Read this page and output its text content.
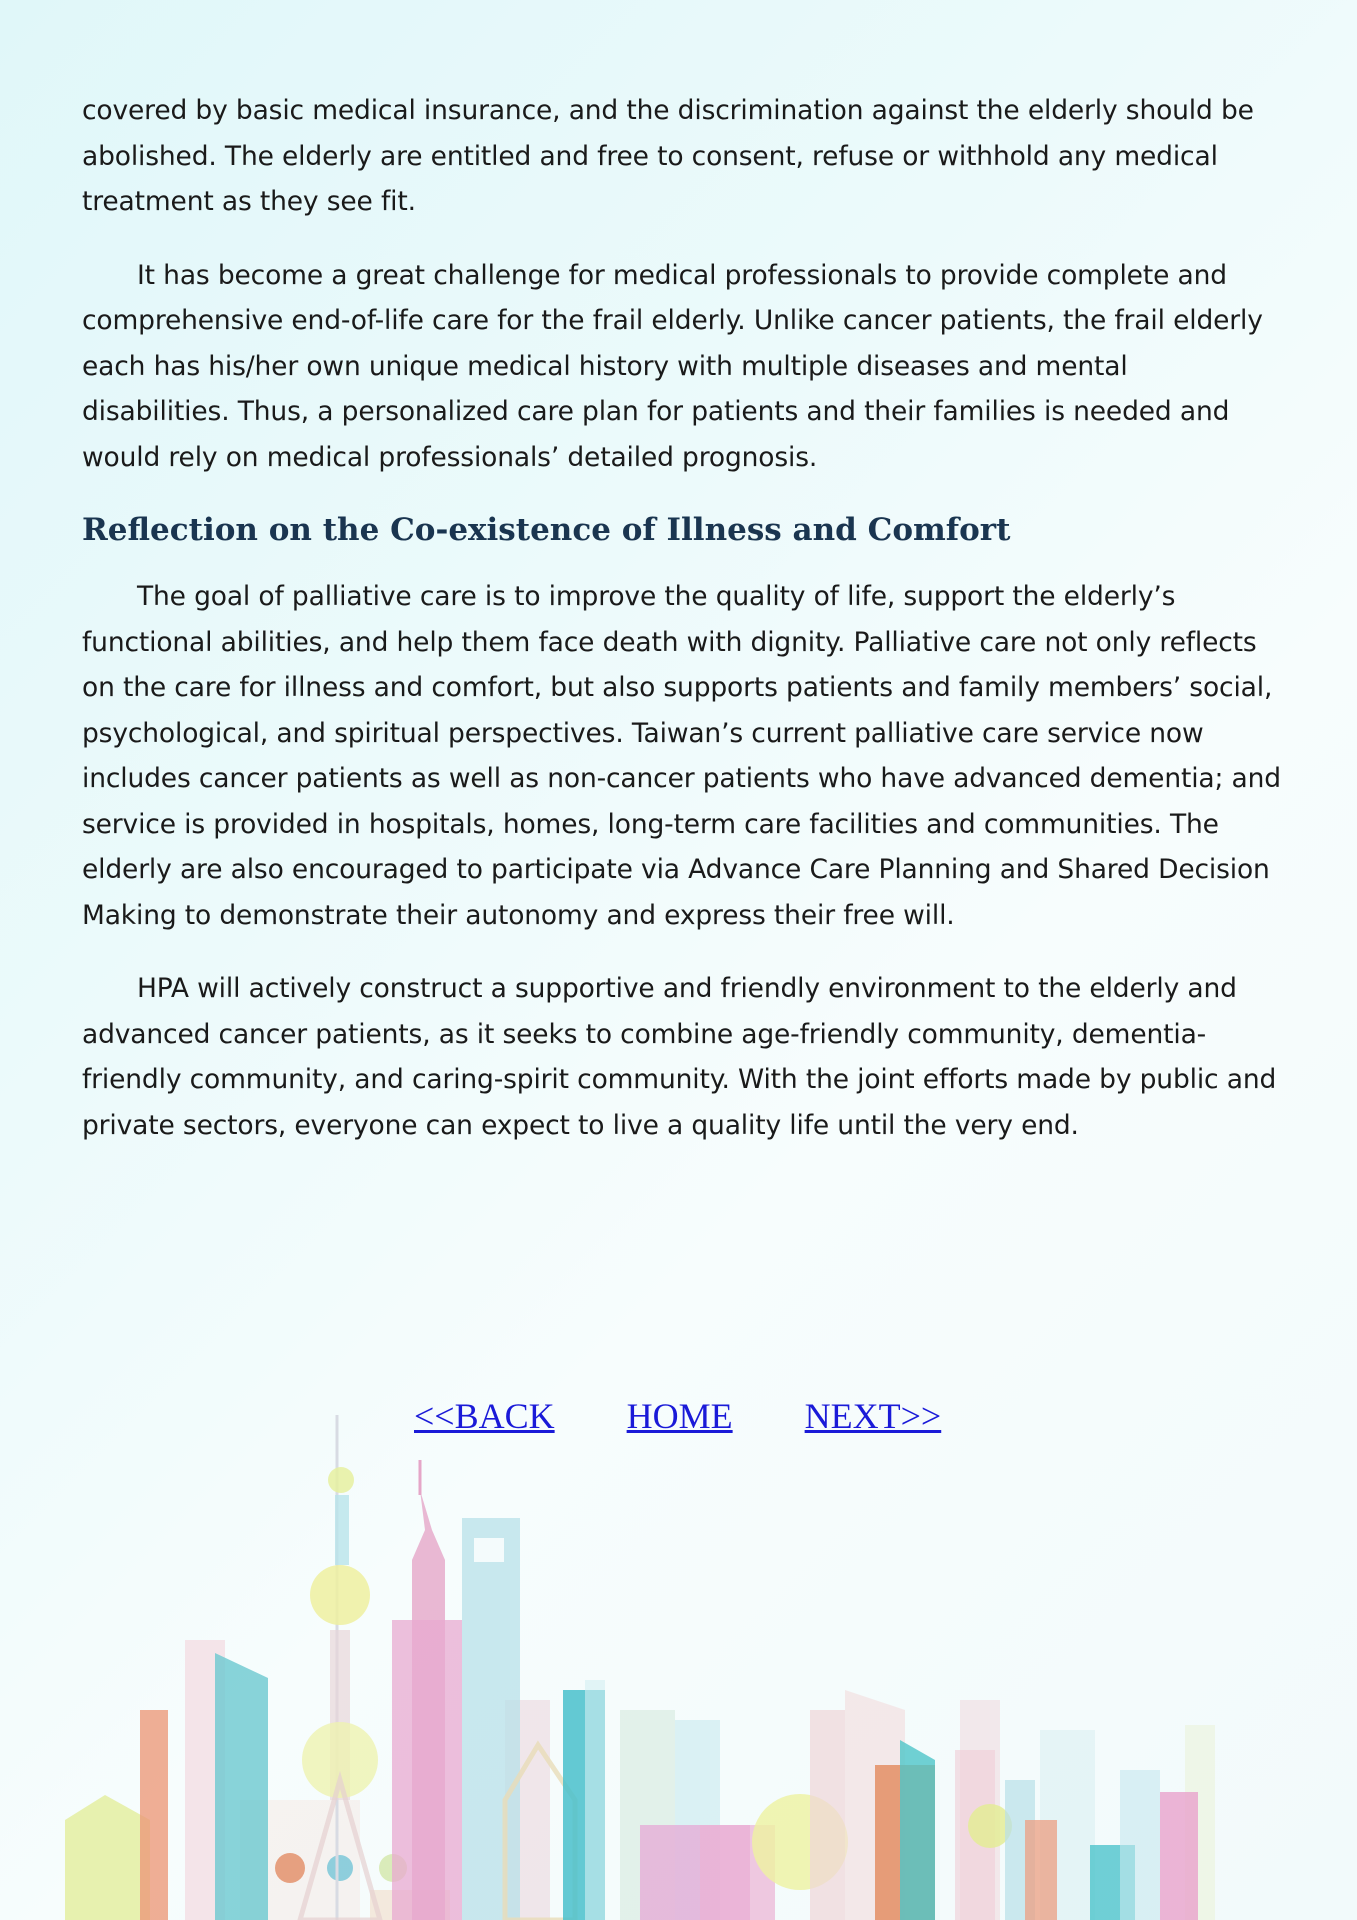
covered by basic medical insurance, and the discrimination against the elderly should be abolished. The elderly are entitled and free to consent, refuse or withhold any medical treatment as they see fit.

It has become a great challenge for medical professionals to provide complete and comprehensive end-of-life care for the frail elderly. Unlike cancer patients, the frail elderly each has his/her own unique medical history with multiple diseases and mental disabilities. Thus, a personalized care plan for patients and their families is needed and would rely on medical professionals’ detailed prognosis.

Reflection on the Co-existence of Illness and Comfort

The goal of palliative care is to improve the quality of life, support the elderly’s functional abilities, and help them face death with dignity. Palliative care not only reflects on the care for illness and comfort, but also supports patients and family members’ social, psychological, and spiritual perspectives. Taiwan’s current palliative care service now includes cancer patients as well as non-cancer patients who have advanced dementia; and service is provided in hospitals, homes, long-term care facilities and communities. The elderly are also encouraged to participate via Advance Care Planning and Shared Decision Making to demonstrate their autonomy and express their free will.

HPA will actively construct a supportive and friendly environment to the elderly and advanced cancer patients, as it seeks to combine age-friendly community, dementia-friendly community, and caring-spirit community. With the joint efforts made by public and private sectors, everyone can expect to live a quality life until the very end.

<<BACK HOME NEXT>>
